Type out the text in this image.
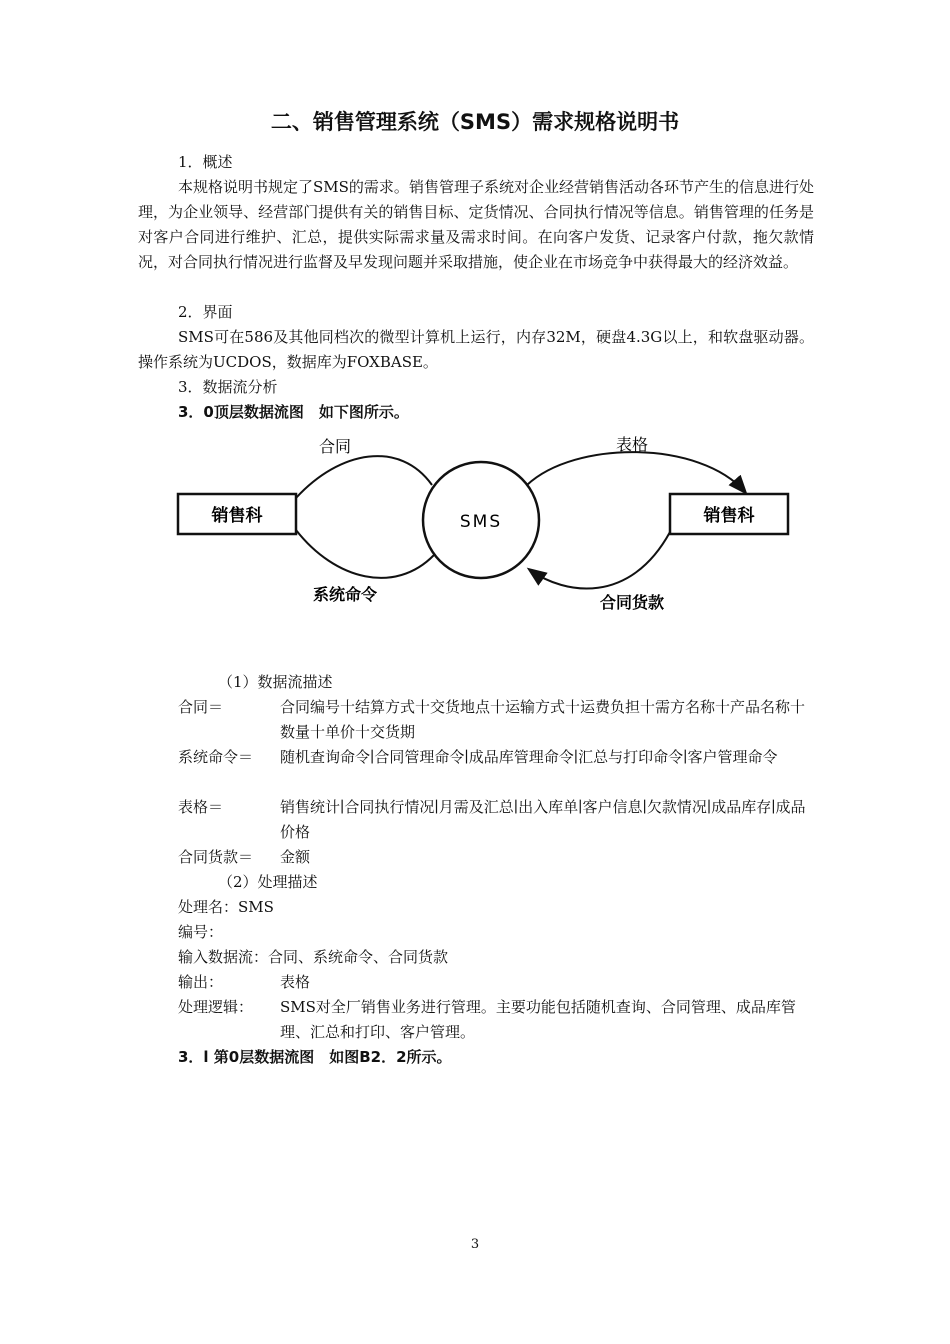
二、销售管理系统（SMS）需求规格说明书
1．概述
本规格说明书规定了SMS的需求。销售管理子系统对企业经营销售活动各环节产生的信息进行处理，为企业领导、经营部门提供有关的销售目标、定货情况、合同执行情况等信息。销售管理的任务是对客户合同进行维护、汇总，提供实际需求量及需求时间。在向客户发货、记录客户付款，拖欠款情况，对合同执行情况进行监督及早发现问题并采取措施，使企业在市场竞争中获得最大的经济效益。
2．界面
SMS可在586及其他同档次的微型计算机上运行，内存32M，硬盘4.3G以上，和软盘驱动器。操作系统为UCDOS，数据库为FOXBASE。
3．数据流分析
3．0顶层数据流图　如下图所示。
销售科	销售科
SMS
合同	表格
系统命令	合同货款
（1）数据流描述
合同＝	合同编号十结算方式十交货地点十运输方式十运费负担十需方名称十产品名称十数量十单价十交货期
系统命令＝ 随机查询命令∣合同管理命令∣成品库管理命令∣汇总与打印命令∣客户管理命令
表格＝	销售统计∣合同执行情况∣月需及汇总∣出入库单∣客户信息∣欠款情况∣成品库存∣成品价格
合同货款＝ 金额
（2）处理描述
处理名：SMS
编号：
输入数据流：合同、系统命令、合同货款
输出：	表格
处理逻辑： SMS对全厂销售业务进行管理。主要功能包括随机查询、合同管理、成品库管理、汇总和打印、客户管理。
3．l 第0层数据流图　如图B2．2所示。
3
